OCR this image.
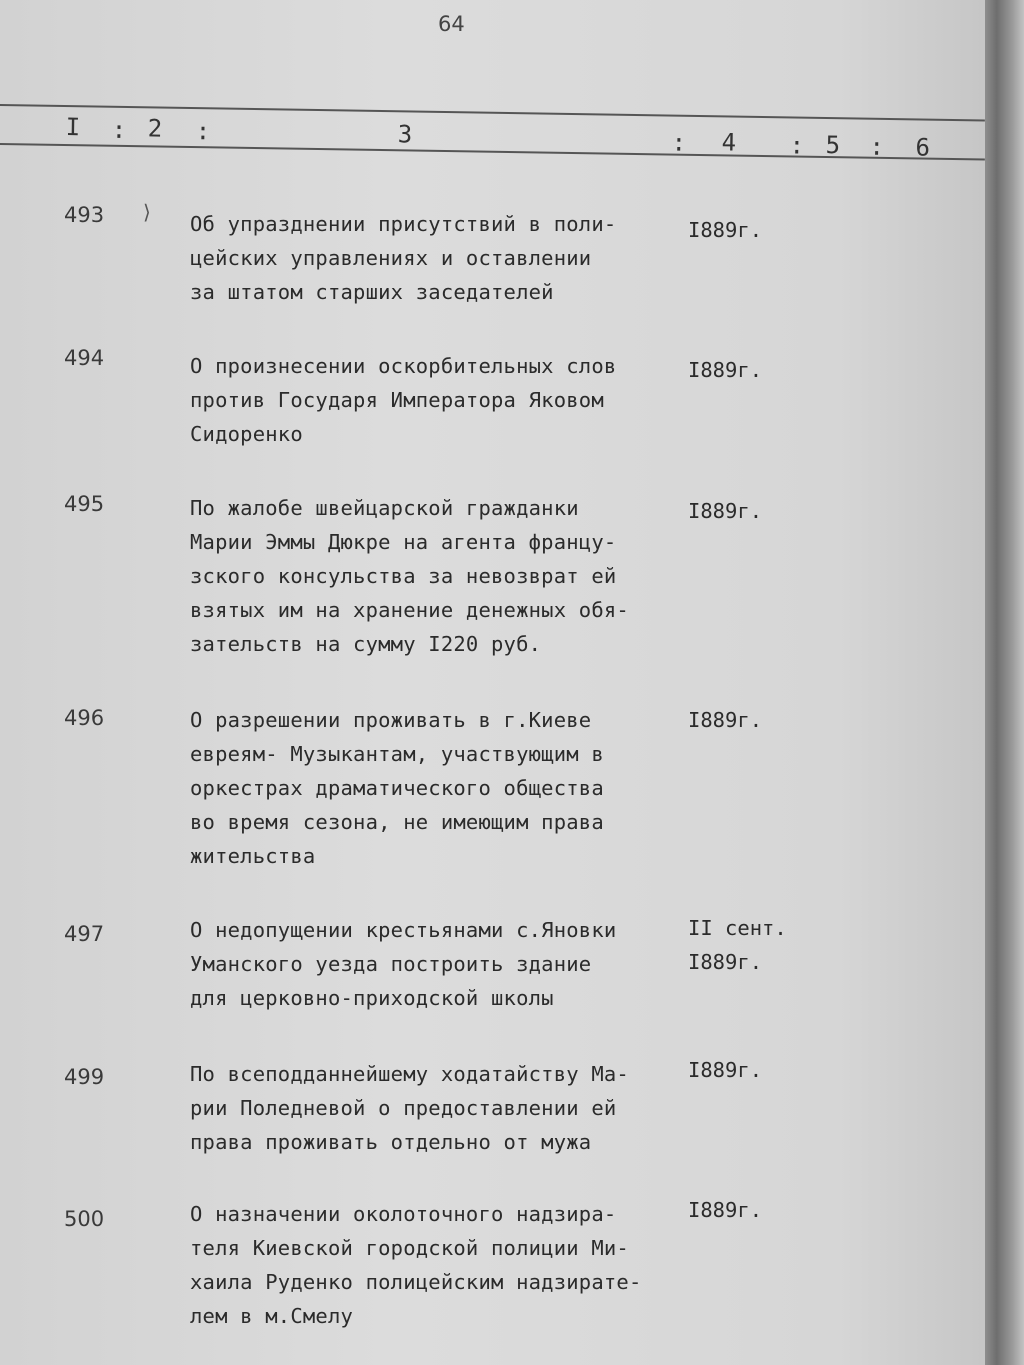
64
I : 2 :	3	: 4 : 5 : 6
⟩
493	Об упразднении присутствий в поли-
цейских управлениях и оставлении
за штатом старших заседателей
I889г.
494	О произнесении оскорбительных слов
против Государя Императора Яковом
Сидоренко
I889г.
495	По жалобе швейцарской гражданки
Марии Эммы Дюкре на агента францу-
зского консульства за невозврат ей
взятых им на хранение денежных обя-
зательств на сумму I220 руб.
I889г.
496	О разрешении проживать в г.Киеве
евреям- Музыкантам, участвующим в
оркестрах драматического общества
во время сезона, не имеющим права
жительства
I889г.
497	О недопущении крестьянами с.Яновки
Уманского уезда построить здание
для церковно-приходской школы
II сент.
I889г.
499	По всеподданнейшему ходатайству Ма-
рии Поледневой о предоставлении ей
права проживать отдельно от мужа
I889г.
500	О назначении околоточного надзира-
теля Киевской городской полиции Ми-
хаила Руденко полицейским надзирате-
лем в м.Смелу
I889г.
